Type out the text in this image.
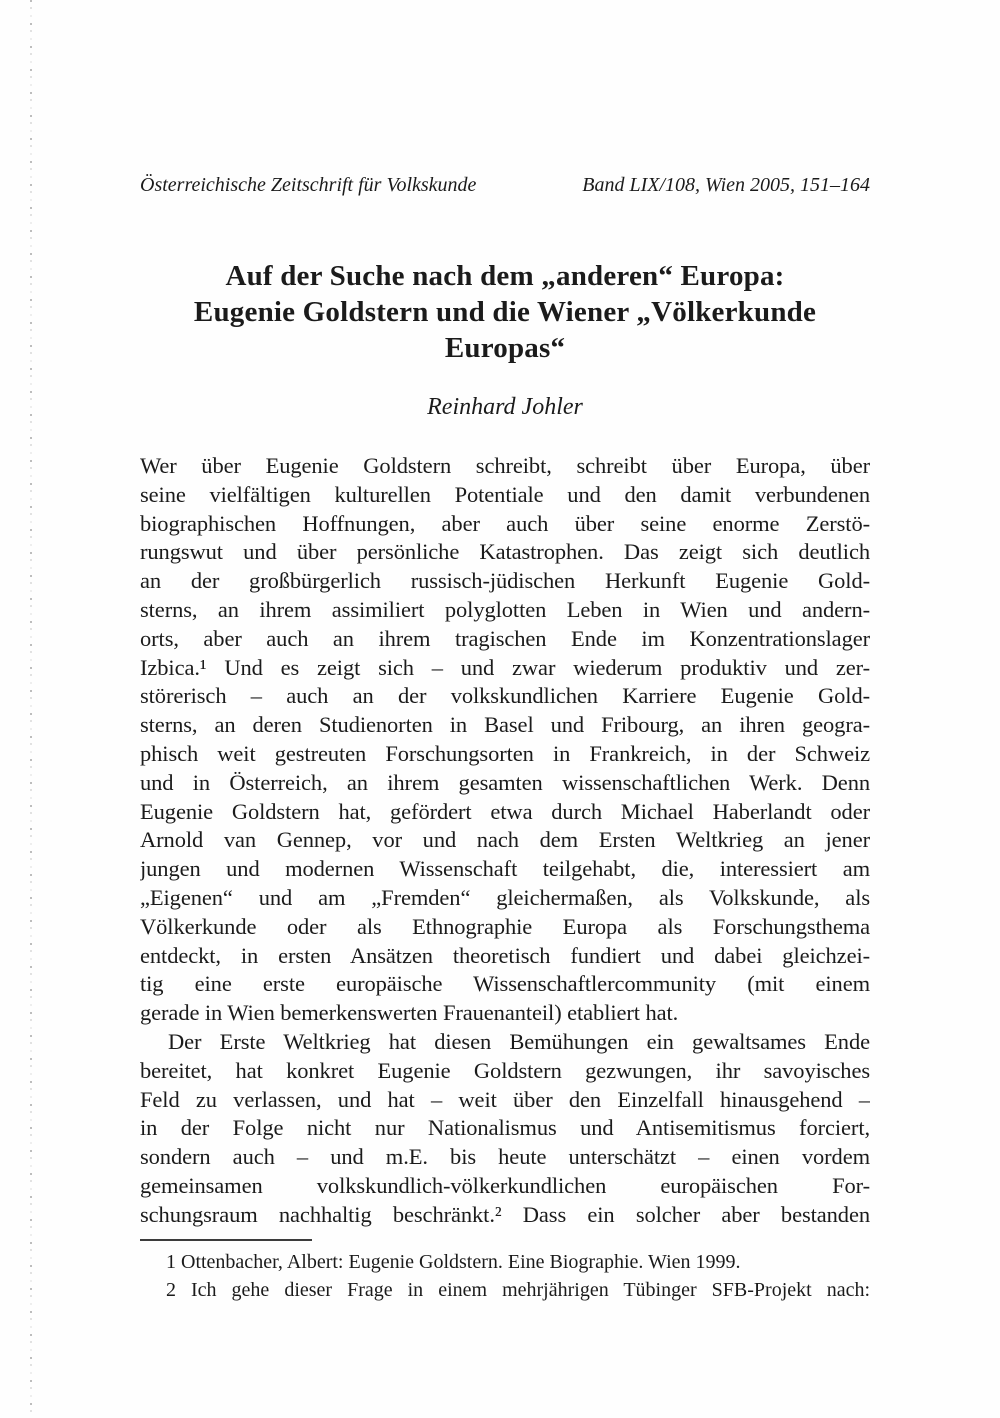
Österreichische Zeitschrift für Volkskunde	Band LIX/108, Wien 2005, 151–164
Auf der Suche nach dem „anderen“ Europa:
Eugenie Goldstern und die Wiener „Völkerkunde
Europas“
Reinhard Johler
Wer über Eugenie Goldstern schreibt, schreibt über Europa, über
seine vielfältigen kulturellen Potentiale und den damit verbundenen
biographischen Hoffnungen, aber auch über seine enorme Zerstö-
rungswut und über persönliche Katastrophen. Das zeigt sich deutlich
an der großbürgerlich russisch-jüdischen Herkunft Eugenie Gold-
sterns, an ihrem assimiliert polyglotten Leben in Wien und andern-
orts, aber auch an ihrem tragischen Ende im Konzentrationslager
Izbica.¹ Und es zeigt sich – und zwar wiederum produktiv und zer-
störerisch – auch an der volkskundlichen Karriere Eugenie Gold-
sterns, an deren Studienorten in Basel und Fribourg, an ihren geogra-
phisch weit gestreuten Forschungsorten in Frankreich, in der Schweiz
und in Österreich, an ihrem gesamten wissenschaftlichen Werk. Denn
Eugenie Goldstern hat, gefördert etwa durch Michael Haberlandt oder
Arnold van Gennep, vor und nach dem Ersten Weltkrieg an jener
jungen und modernen Wissenschaft teilgehabt, die, interessiert am
„Eigenen“ und am „Fremden“ gleichermaßen, als Volkskunde, als
Völkerkunde oder als Ethnographie Europa als Forschungsthema
entdeckt, in ersten Ansätzen theoretisch fundiert und dabei gleichzei-
tig eine erste europäische Wissenschaftlercommunity (mit einem
gerade in Wien bemerkenswerten Frauenanteil) etabliert hat.
Der Erste Weltkrieg hat diesen Bemühungen ein gewaltsames Ende
bereitet, hat konkret Eugenie Goldstern gezwungen, ihr savoyisches
Feld zu verlassen, und hat – weit über den Einzelfall hinausgehend –
in der Folge nicht nur Nationalismus und Antisemitismus forciert,
sondern auch – und m.E. bis heute unterschätzt – einen vordem
gemeinsamen volkskundlich-völkerkundlichen europäischen For-
schungsraum nachhaltig beschränkt.² Dass ein solcher aber bestanden
1 Ottenbacher, Albert: Eugenie Goldstern. Eine Biographie. Wien 1999.
2 Ich gehe dieser Frage in einem mehrjährigen Tübinger SFB-Projekt nach:
